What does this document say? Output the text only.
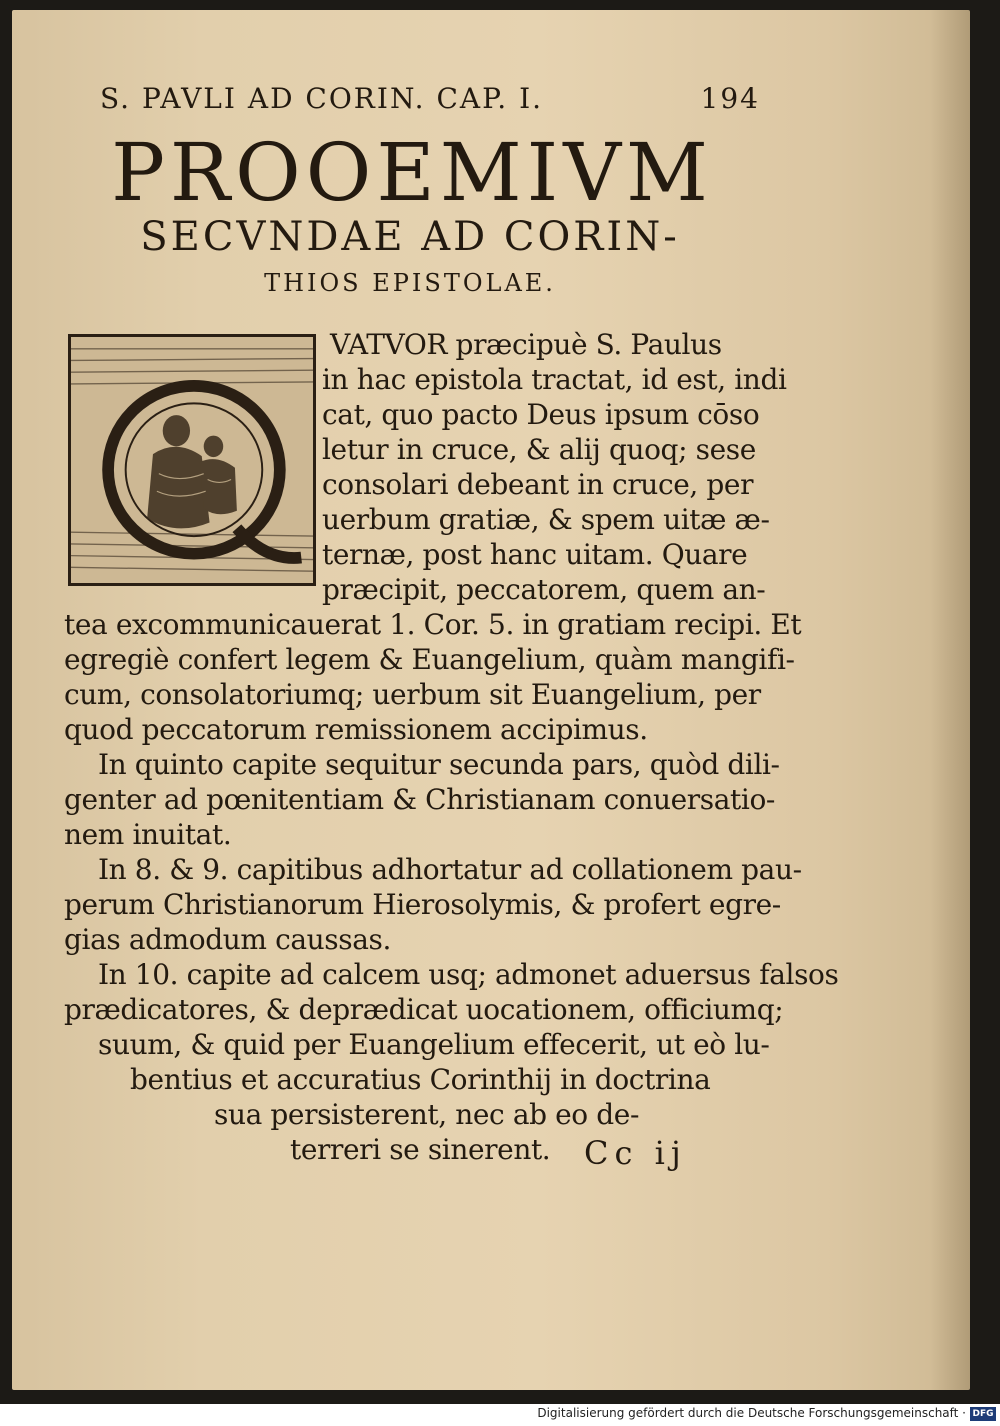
S. PAVLI AD CORIN. CAP. I.	194
PROOEMIVM
SECVNDAE AD CORIN-
THIOS EPISTOLAE.
VATVOR præcipuè S. Paulus
in hac epistola tractat, id est, indi
cat, quo pacto Deus ipsum cōso
letur in cruce, & alij quoq; sese
consolari debeant in cruce, per
uerbum gratiæ, & spem uitæ æ-
ternæ, post hanc uitam. Quare
præcipit, peccatorem, quem an-
tea excommunicauerat 1. Cor. 5. in gratiam recipi. Et
egregiè confert legem & Euangelium, quàm mangifi-
cum, consolatoriumq; uerbum sit Euangelium, per
quod peccatorum remissionem accipimus.
In quinto capite sequitur secunda pars, quòd dili-
genter ad pœnitentiam & Christianam conuersatio-
nem inuitat.
In 8. & 9. capitibus adhortatur ad collationem pau-
perum Christianorum Hierosolymis, & profert egre-
gias admodum caussas.
In 10. capite ad calcem usq; admonet aduersus falsos
prædicatores, & deprædicat uocationem, officiumq;
suum, & quid per Euangelium effecerit, ut eò lu-
bentius et accuratius Corinthij in doctrina
sua persisterent, nec ab eo de-
terreri se sinerent. Cc ij
Digitalisierung gefördert durch die Deutsche Forschungsgemeinschaft · DFG
